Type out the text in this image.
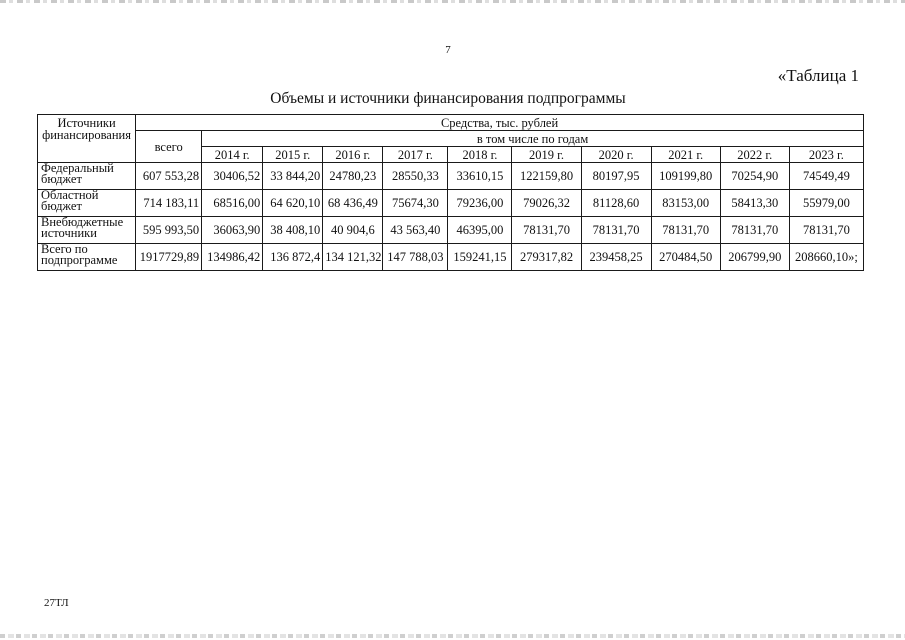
7
«Таблица 1
Объемы и источники финансирования подпрограммы
Источники
финансирования	Средства, тыс. рублей										
	всего	в том числе по годам									
		2014 г.	2015 г.	2016 г.	2017 г.	2018 г.	2019 г.	2020 г.	2021 г.	2022 г.	2023 г.

Федеральный
бюджет	607 553,28	30406,52	33 844,20	24780,23	28550,33	33610,15	122159,80	80197,95	109199,80	70254,90	74549,49

Областной
бюджет	714 183,11	68516,00	64 620,10	68 436,49	75674,30	79236,00	79026,32	81128,60	83153,00	58413,30	55979,00

Внебюджетные
источники	595 993,50	36063,90	38 408,10	40 904,6	43 563,40	46395,00	78131,70	78131,70	78131,70	78131,70	78131,70

Всего по
подпрограмме	1917729,89	134986,42	136 872,4	134 121,32	147 788,03	159241,15	279317,82	239458,25	270484,50	206799,90	208660,10»;
27ТЛ
